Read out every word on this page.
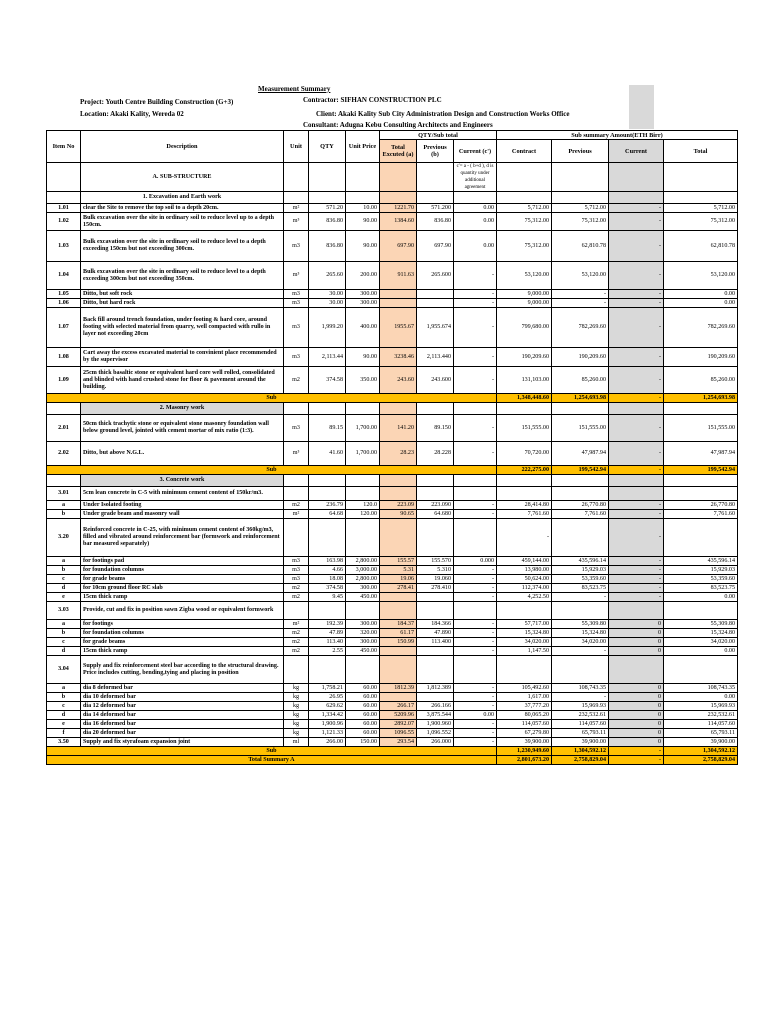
Measurement Summary
Project: Youth Centre Building Construction (G+3)	Contractor: SIFHAN CONSTRUCTION PLC
Location: Akaki Kality, Wereda 02	Client: Akaki Kality Sub City Administration Design and Construction Works Office
Consultant: Adugna Kebu Consulting Architects and Engineers
Item No	Description	Unit	QTY	Unit Price	QTY/Sub total			Sub summary Amount(ETH Birr)			
					Total Excuted (a)	Previous (b)	Current (c')	Contract	Previous	Current	Total
	A. SUB-STRUCTURE						c'= a - ( b+d ), d is quantity under additional agreement				
	1. Excavation and Earth work										
1.01	clear the Site to remove the top soil to a depth 20cm.	m²	571.20	10.00	1221.70	571.200	0.00	5,712.00	5,712.00	-	5,712.00
1.02	Bulk excavation over the site in ordinary soil to reduce level up to a depth 150cm.	m³	836.80	90.00	1384.60	836.80	0.00	75,312.00	75,312.00	-	75,312.00
1.03	Bulk excavation over the site in ordinary soil to reduce level to a depth exceeding 150cm but not exceeding 300cm.	m3	836.80	90.00	697.90	697.90	0.00	75,312.00	62,810.78	-	62,810.78
1.04	Bulk excavation over the site in ordinary soil to reduce level to a depth exceeding 300cm but not exceeding 350cm.	m³	265.60	200.00	911.63	265.600	-	53,120.00	53,120.00	-	53,120.00
1.05	Ditto, but soft rock	m3	30.00	300.00			-	9,000.00	-	-	0.00
1.06	Ditto, but hard rock	m3	30.00	300.00			-	9,000.00	-	-	0.00
1.07	Back fill around trench foundation, under footing & hard core, around footing with selected material from quarry, well compacted with rullo in layer not exceeding 20cm	m3	1,999.20	400.00	1955.67	1,955.674	-	799,680.00	782,269.60	-	782,269.60
1.08	Cart away the excess excavated material to convinient place recommended by the supervisor	m3	2,113.44	90.00	3238.46	2,113.440	-	190,209.60	190,209.60	-	190,209.60
1.09	25cm thick basaltic stone or equivalent hard core well rolled, consolidated and blinded with hand crushed stone for floor & pavement around the building.	m2	374.58	350.00	243.60	243.600	-	131,103.00	85,260.00	-	85,260.00
Sub								1,348,448.60	1,254,693.98	-	1,254,693.98
	2. Masonry work										
2.01	50cm thick trachytic stone or equivalent stone masonry foundation wall below ground level, jointed with cement mortar of mix ratio (1:3).	m3	89.15	1,700.00	141.20	89.150	-	151,555.00	151,555.00	-	151,555.00
2.02	Ditto, but above N.G.L.	m³	41.60	1,700.00	28.23	28.228	-	70,720.00	47,987.94	-	47,987.94
Sub								222,275.00	199,542.94	-	199,542.94
	3. Concrete work										
3.01	5cm lean concrete in C-5 with minimum cement content of 150kг/m3.										
a	Under Isolated footing	m2	236.79	120.0	223.09	223.090	-	28,414.80	26,770.80	-	26,770.80
b	Under grade beam and masonry wall	m²	64.68	120.00	90.65	64.680	-	7,761.60	7,761.60	-	7,761.60
3.20	Reinforced concrete in C-25, with minimum cement content of 360kg/m3, filled and vibrated around reinforcement bar (formwork and reinforcement bar measured separately)							-		-	
a	for footings pad	m3	163.98	2,800.00	155.57	155.570	0.000	459,144.00	435,596.14	-	435,596.14
b	for foundation columns	m3	4.66	3,000.00	5.31	5.310	-	13,980.00	15,929.03	-	15,929.03
c	for grade beams	m3	18.08	2,800.00	19.06	19.060	-	50,624.00	53,359.60	-	53,359.60
d	for 10cm ground floor RC slab	m2	374.58	300.00	278.41	278.410	-	112,374.00	83,523.75	-	83,523.75
e	15cm thick ramp	m2	9.45	450.00			-	4,252.50	-	-	0.00
3.03	Provide, cut and fix in position sawn Zigba wood or equivalent formwork										
a	for footings	m²	192.39	300.00	184.37	184.366	-	57,717.00	55,309.80	0	55,309.80
b	for foundation columns	m2	47.89	320.00	61.17	47.890	-	15,324.80	15,324.80	0	15,324.80
c	for grade beams	m2	113.40	300.00	150.99	113.400	-	34,020.00	34,020.00	0	34,020.00
d	15cm thick ramp	m2	2.55	450.00			-	1,147.50	-	0	0.00
3.04	Supply and fix reinforcement steel bar according to the structural drawing. Price includes cutting, bending,tying and placing in position										
a	dia 8 deformed bar	kg	1,758.21	60.00	1812.39	1,812.389	-	105,492.60	108,743.35	0	108,743.35
b	dia 10 deformed bar	kg	26.95	60.00			-	1,617.00	-	0	0.00
c	dia 12 deformed bar	kg	629.62	60.00	266.17	266.166	-	37,777.20	15,969.93	0	15,969.93
d	dia 14 deformed bar	kg	1,334.42	60.00	5209.96	3,875.544	0.00	80,065.20	232,532.61	0	232,532.61
e	dia 16 deformed bar	kg	1,900.96	60.00	2892.07	1,900.960	-	114,057.60	114,057.60	0	114,057.60
f	dia 20 deformed bar	kg	1,121.33	60.00	1096.55	1,096.552	-	67,279.80	65,793.11	0	65,793.11
3.50	Supply and fix styrafoam expansion joint	ml	266.00	150.00	293.54	266.000	-	39,900.00	39,900.00	0	39,900.00
Sub								1,230,949.60	1,304,592.12	-	1,304,592.12
Total Summary A								2,801,673.20	2,758,829.04	-	2,758,829.04
